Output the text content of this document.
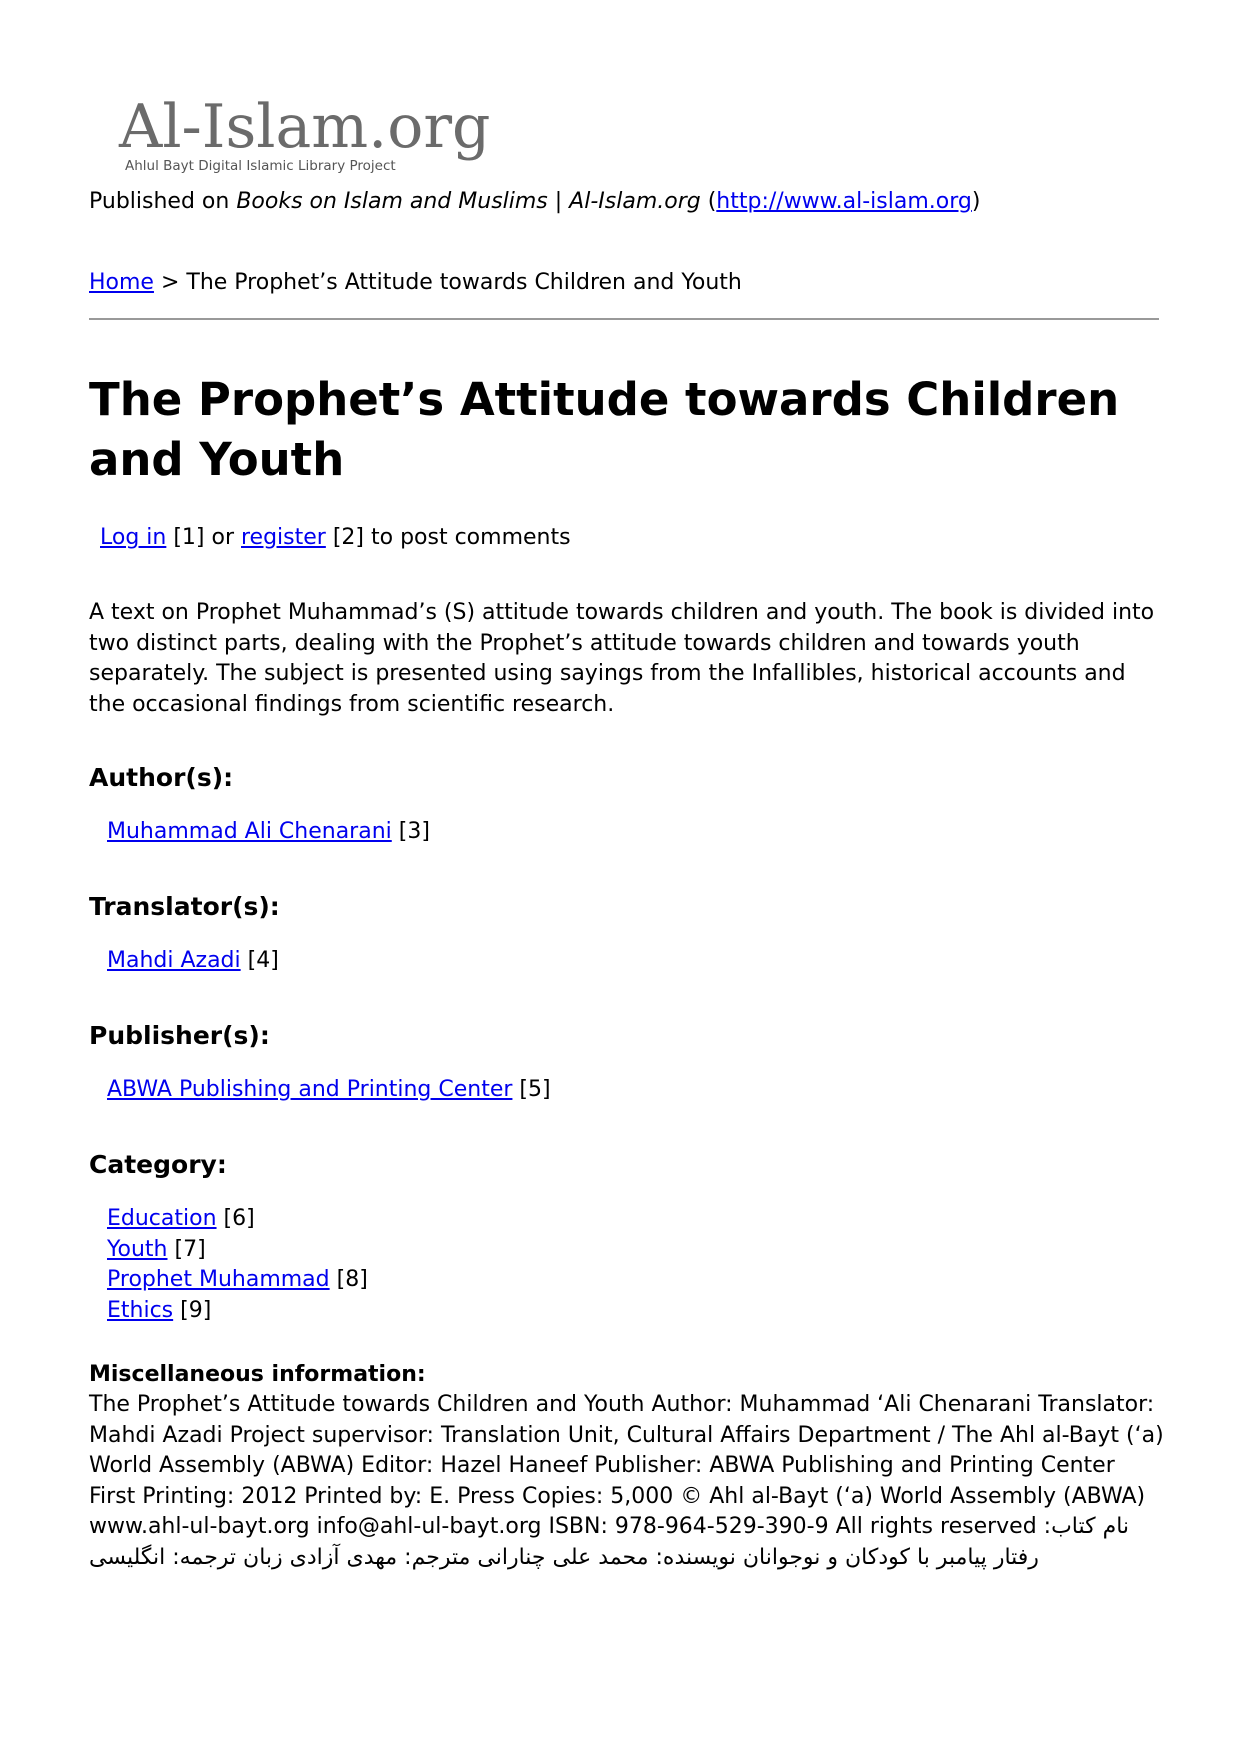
Al-Islam.org
Ahlul Bayt Digital Islamic Library Project
Published on Books on Islam and Muslims | Al-Islam.org (http://www.al-islam.org)
Home > The Prophet’s Attitude towards Children and Youth
The Prophet’s Attitude towards Children and Youth
Log in [1] or register [2] to post comments

A text on Prophet Muhammad’s (S) attitude towards children and youth. The book is divided into two distinct parts, dealing with the Prophet’s attitude towards children and towards youth separately. The subject is presented using sayings from the Infallibles, historical accounts and the occasional findings from scientific research.

Author(s):
Muhammad Ali Chenarani [3]
Translator(s):
Mahdi Azadi [4]
Publisher(s):
ABWA Publishing and Printing Center [5]
Category:
Education [6]
Youth [7]
Prophet Muhammad [8]
Ethics [9]
Miscellaneous information:

The Prophet’s Attitude towards Children and Youth Author: Muhammad ‘Ali Chenarani Translator: Mahdi Azadi Project supervisor: Translation Unit, Cultural Affairs Department / The Ahl al-Bayt (‘a) World Assembly (ABWA) Editor: Hazel Haneef Publisher: ABWA Publishing and Printing Center First Printing: 2012 Printed by: E. Press Copies: 5,000 © Ahl al-Bayt (‘a) World Assembly (ABWA) www.ahl-ul-bayt.org info@ahl-ul-bayt.org ISBN: 978-964-529-390-9 All rights reserved نام کتاب: رفتار پیامبر با کودکان و نوجوانان نویسنده: محمد علی چنارانی مترجم: مهدی آزادی زبان ترجمه: انگلیسی
